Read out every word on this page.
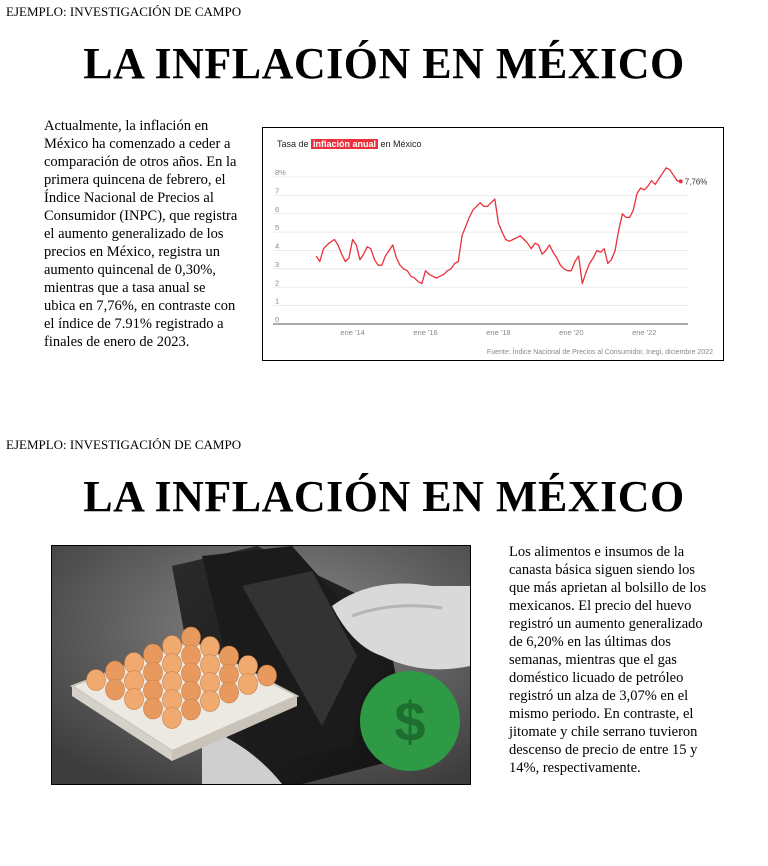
EJEMPLO: INVESTIGACIÓN DE CAMPO
LA INFLACIÓN EN MÉXICO

Actualmente, la inflación en México ha comenzado a ceder a comparación de otros años. En la primera quincena de febrero, el Índice Nacional de Precios al Consumidor (INPC), que registra el aumento generalizado de los precios en México, registra un aumento quincenal de 0,30%, mientras que a tasa anual se ubica en 7,76%, en contraste con el índice de 7.91% registrado a finales de enero de 2023.

Tasa de inflación anual en México
0
1
2
3
4
5
6
7
8%
ene '14	ene '16	ene '18	ene '20	ene '22
7,76%
Fuente: Índice Nacional de Precios al Consumidor, Inegi, diciembre 2022
EJEMPLO: INVESTIGACIÓN DE CAMPO
LA INFLACIÓN EN MÉXICO
$

Los alimentos e insumos de la canasta básica siguen siendo los que más aprietan al bolsillo de los mexicanos. El precio del huevo registró un aumento generalizado de 6,20% en las últimas dos semanas, mientras que el gas doméstico licuado de petróleo registró un alza de 3,07% en el mismo periodo. En contraste, el jitomate y chile serrano tuvieron descenso de precio de entre 15 y 14%, respectivamente.
